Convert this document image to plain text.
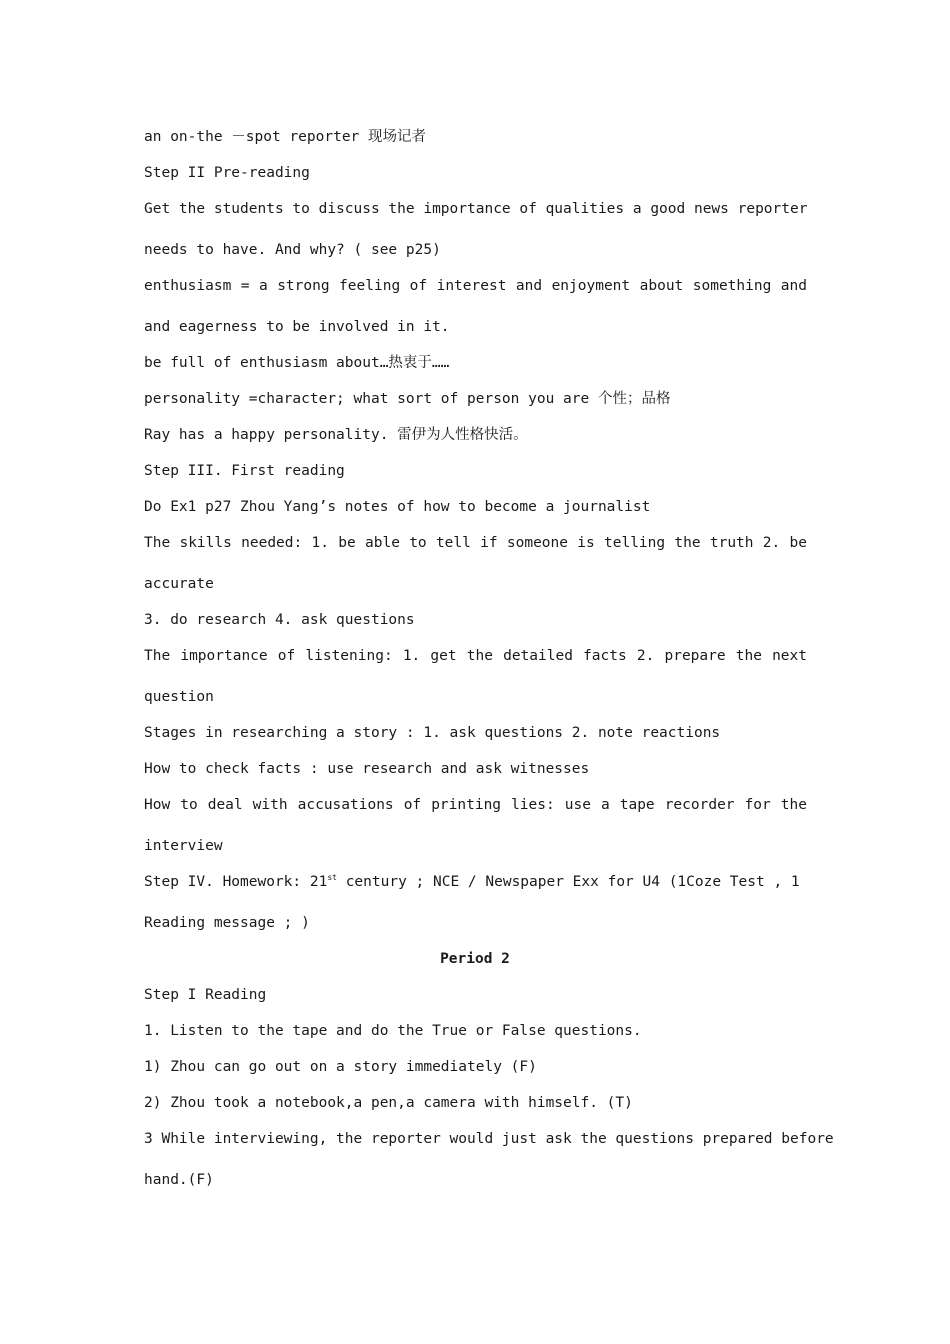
an on-the －spot reporter 现场记者
Step II Pre-reading
Get the students to discuss the importance of qualities a good news reporter
needs to have. And why? ( see p25)
enthusiasm = a strong feeling of interest and enjoyment about something and
and eagerness to be involved in it.
be full of enthusiasm about…热衷于……
personality =character; what sort of person you are 个性；品格
Ray has a happy personality. 雷伊为人性格快活。
Step III. First reading
Do Ex1 p27 Zhou Yang’s notes of how to become a journalist
The skills needed: 1. be able to tell if someone is telling the truth 2. be
accurate
3. do research 4. ask questions
The importance of listening: 1. get the detailed facts 2. prepare the next
question
Stages in researching a story : 1. ask questions 2. note reactions
How to check facts : use research and ask witnesses
How to deal with accusations of printing lies: use a tape recorder for the
interview
Step IV. Homework: 21st century ; NCE / Newspaper Exx for U4 (1Coze Test , 1
Reading message ; )
Period 2
Step I Reading
1. Listen to the tape and do the True or False questions.
1) Zhou can go out on a story immediately (F)
2) Zhou took a notebook,a pen,a camera with himself. (T)
3 While interviewing, the reporter would just ask the questions prepared before
hand.(F)
